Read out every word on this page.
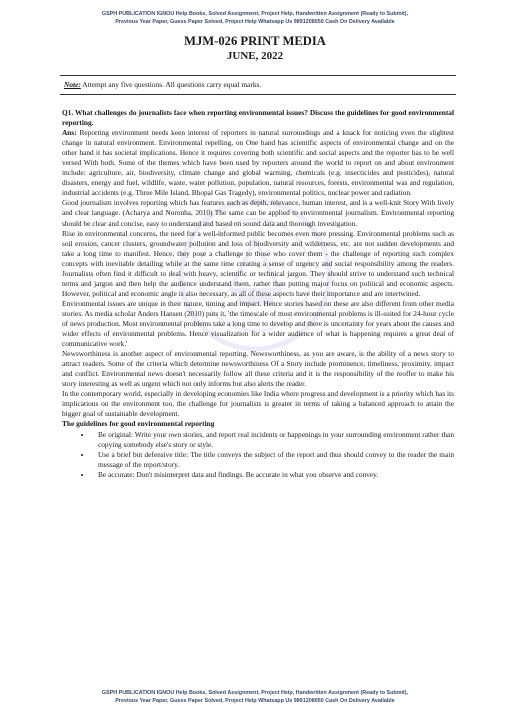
GSPH PUBLICATION IGNOU Help Books, Solved Assignment, Project Help, Handwritten Assignment (Ready to Submit),
Previous Year Paper, Guess Paper Solved, Project Help Whatsapp Us 9891208050 Cash On Delivery Available
MJM-026 PRINT MEDIA
JUNE, 2022
Note: Attempt any five questions. All questions carry equal marks.

Q1. What challenges do journalists face when reporting environmental issues? Discuss the guidelines for good environmental reporting.

Ans: Reporting environment needs keen interest of reporters in natural surroundings and a knack for noticing even the slightest change in natural environment. Environmental repelling, on One hand has scientific aspects of environmental change and on the other hand it has societal implications. Hence it requires covering both scientific and social aspects and the reporter has to be well versed With both. Some of the themes which have been used by reporters around the world to report on and about environment include: agriculture, air, biodiversity, climate change and global warming, chemicals (e.g. insecticides and pesticides), natural disasters, energy and fuel, wildlife, waste, water pollution, population, natural resources, forests, environmental was and regulation, industrial accidents (e.g. Three Mile Island, Bhopal Gas Tragedy), environmental politics, nuclear power and radiation.

Good journalism involves reporting which has features such as depth, relevance, human interest, and is a well-knit Story With lively and clear language. (Acharya and Noronha, 2010) The same can be applied to environmental journalism. Environmental reporting should be clear and concise, easy to understand and based on sound data and thorough investigation.

Rise in environmental concerns, the need for a well-informed public becomes even more pressing. Environmental problems such as soil erosion, cancer clusters, groundwater pollution and loss of biodiversity and wilderness, etc. are not sudden developments and take a long time to manifest. Hence, they pose a challenge to those who cover them - the challenge of reporting such complex concepts with inevitable detailing while at the same time creating a sense of urgency and social responsibility among the readers. Journalists often find it difficult to deal with heavy, scientific or technical jargon. They should strive to understand such technical terms and jargon and then help the audience understand them, rather than putting major focus on political and economic aspects. However, political and economic angle is also necessary, as all of these aspects have their importance and are intertwined.

Environmental issues are unique in their nature, timing and impact. Hence stories based on these are also different from other media stories. As media scholar Anders Hansen (2010) puts it, 'the timescale of most environmental problems is ill-suited for 24-hour cycle of news production. Most environmental problems take a long time to develop and there is uncertainty for years about the causes and wider effects of environmental problems. Hence visualization for a wider audience of what is happening requires a great deal of communicative work.'

Newsworthiness is another aspect of environmental reporting. Newsworthiness, as you are aware, is the ability of a news story to attract readers. Some of the criteria which determine newsworthiness Of a Story include prominence, timeliness, proximity, impact and conflict. Environmental news doesn't necessarily follow all these criteria and it is the responsibility of the reoffer to make his story interesting as well as urgent which not only informs but also alerts the reader.

In the contemporary world, especially in developing economies like India where progress and development is a priority which has its implications on the environment too, the challenge for journalists is greater in terms of taking a balanced approach to attain the bigger goal of sustainable development.

The guidelines for good environmental reporting

• Be original: Write your own stories, and report real incidents or happenings in your surrounding environment rather than copying somebody else's story or style.
• Use a brief but defensive title: The title conveys the subject of the report and thus should convey to the reader the main message of the report/story.
• Be accurate: Don't misinterpret data and findings. Be accurate in what you observe and convey.
GSPH PUBLICATION IGNOU Help Books, Solved Assignment, Project Help, Handwritten Assignment (Ready to Submit),
Previous Year Paper, Guess Paper Solved, Project Help Whatsapp Us 9891208050 Cash On Delivery Available
